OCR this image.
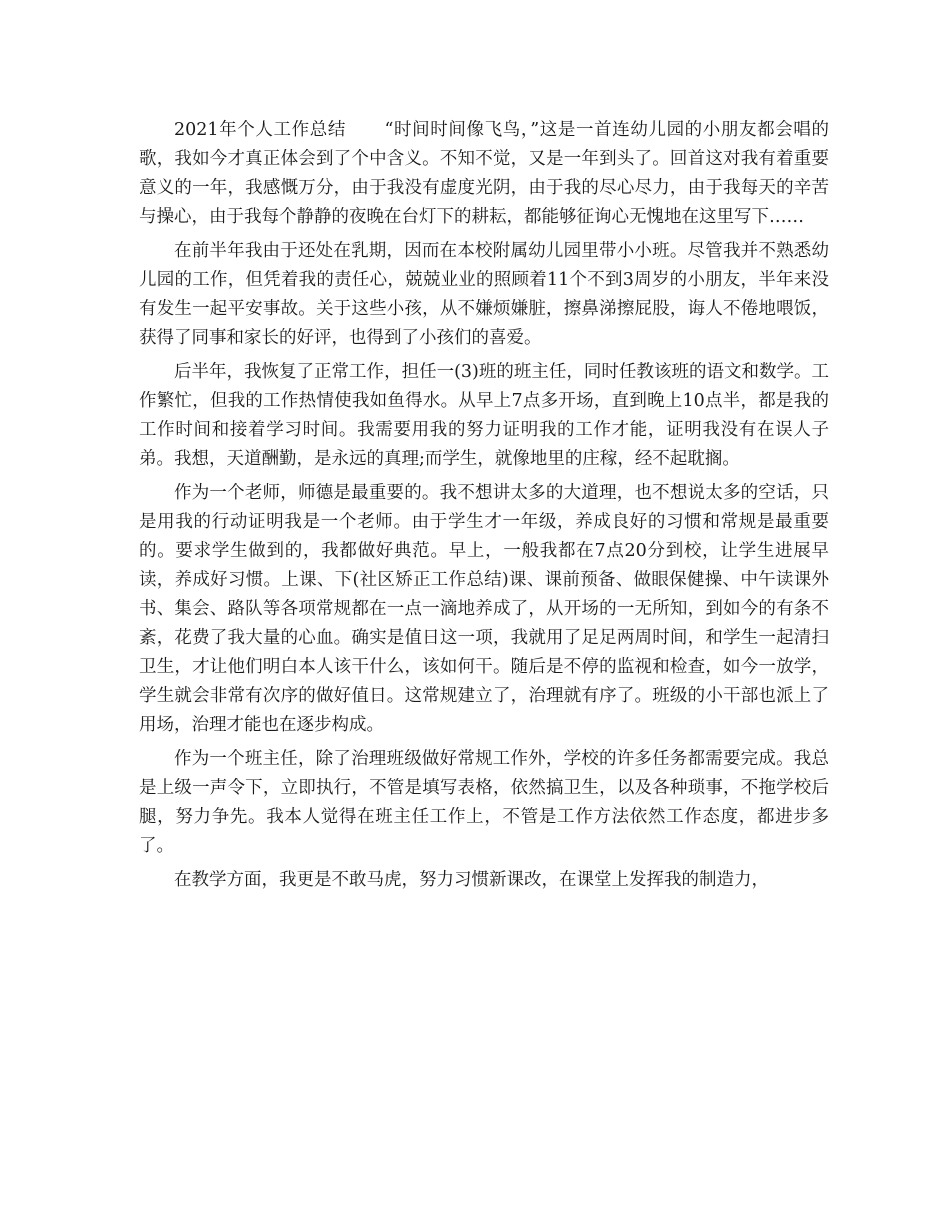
2021年个人工作总结 “时间时间像飞鸟，”这是一首连幼儿园的小朋友都会唱的歌，我如今才真正体会到了个中含义。不知不觉，又是一年到头了。回首这对我有着重要意义的一年，我感慨万分，由于我没有虚度光阴，由于我的尽心尽力，由于我每天的辛苦与操心，由于我每个静静的夜晚在台灯下的耕耘，都能够征询心无愧地在这里写下……

在前半年我由于还处在乳期，因而在本校附属幼儿园里带小小班。尽管我并不熟悉幼儿园的工作，但凭着我的责任心，兢兢业业的照顾着11个不到3周岁的小朋友，半年来没有发生一起平安事故。关于这些小孩，从不嫌烦嫌脏，擦鼻涕擦屁股，诲人不倦地喂饭，获得了同事和家长的好评，也得到了小孩们的喜爱。

后半年，我恢复了正常工作，担任一(3)班的班主任，同时任教该班的语文和数学。工作繁忙，但我的工作热情使我如鱼得水。从早上7点多开场，直到晚上10点半，都是我的工作时间和接着学习时间。我需要用我的努力证明我的工作才能，证明我没有在误人子弟。我想，天道酬勤，是永远的真理;而学生，就像地里的庄稼，经不起耽搁。

作为一个老师，师德是最重要的。我不想讲太多的大道理，也不想说太多的空话，只是用我的行动证明我是一个老师。由于学生才一年级，养成良好的习惯和常规是最重要的。要求学生做到的，我都做好典范。早上，一般我都在7点20分到校，让学生进展早读，养成好习惯。上课、下(社区矫正工作总结)课、课前预备、做眼保健操、中午读课外书、集会、路队等各项常规都在一点一滴地养成了，从开场的一无所知，到如今的有条不紊，花费了我大量的心血。确实是值日这一项，我就用了足足两周时间，和学生一起清扫卫生，才让他们明白本人该干什么，该如何干。随后是不停的监视和检查，如今一放学，学生就会非常有次序的做好值日。这常规建立了，治理就有序了。班级的小干部也派上了用场，治理才能也在逐步构成。

作为一个班主任，除了治理班级做好常规工作外，学校的许多任务都需要完成。我总是上级一声令下，立即执行，不管是填写表格，依然搞卫生，以及各种琐事，不拖学校后腿，努力争先。我本人觉得在班主任工作上，不管是工作方法依然工作态度，都进步多了。

在教学方面，我更是不敢马虎，努力习惯新课改，在课堂上发挥我的制造力，
